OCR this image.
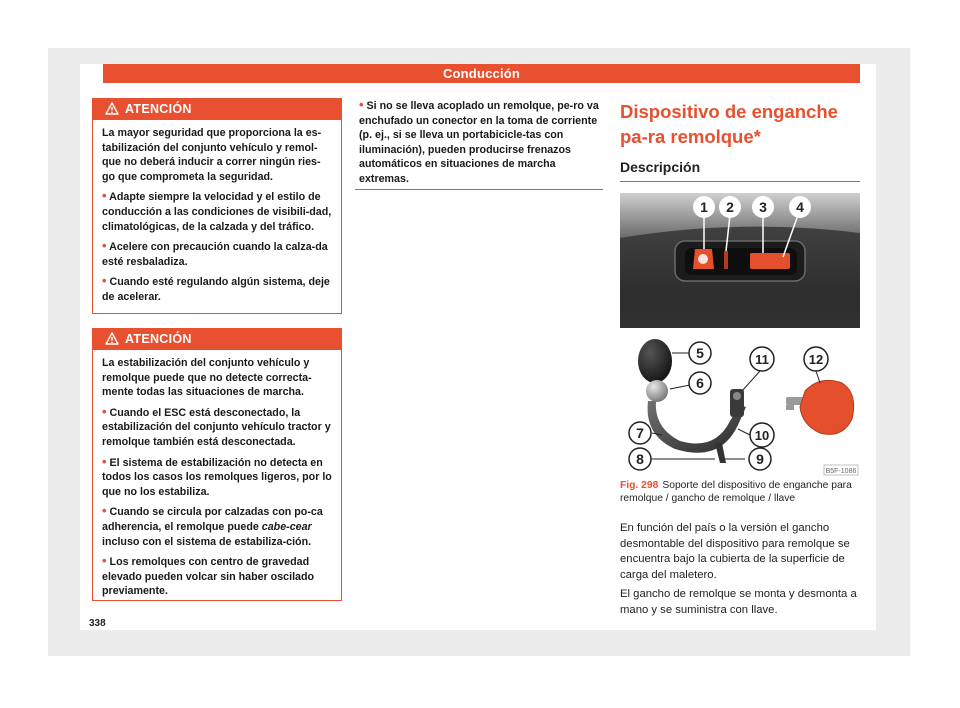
Conducción
ATENCIÓN

La mayor seguridad que proporciona la es-tabilización del conjunto vehículo y remol-que no deberá inducir a correr ningún ries-go que comprometa la seguridad.

• Adapte siempre la velocidad y el estilo de conducción a las condiciones de visibili-dad, climatológicas, de la calzada y del tráfico.

• Acelere con precaución cuando la calza-da esté resbaladiza.

• Cuando esté regulando algún sistema, deje de acelerar.

ATENCIÓN

La estabilización del conjunto vehículo y remolque puede que no detecte correcta-mente todas las situaciones de marcha.

• Cuando el ESC está desconectado, la estabilización del conjunto vehículo tractor y remolque también está desconectada.

• El sistema de estabilización no detecta en todos los casos los remolques ligeros, por lo que no los estabiliza.

• Cuando se circula por calzadas con po-ca adherencia, el remolque puede cabe-cear incluso con el sistema de estabiliza-ción.

• Los remolques con centro de gravedad elevado pueden volcar sin haber oscilado previamente.

• Si no se lleva acoplado un remolque, pe-ro va enchufado un conector en la toma de corriente (p. ej., si se lleva un portabicicle-tas con iluminación), pueden producirse frenazos automáticos en situaciones de marcha extremas.

Dispositivo de enganche pa-ra remolque*
Descripción
1 2 3 4
5
6
7
8	9
10
11	12
B5F-1086
Fig. 298 Soporte del dispositivo de enganche para remolque / gancho de remolque / llave

En función del país o la versión el gancho desmontable del dispositivo para remolque se encuentra bajo la cubierta de la superficie de carga del maletero.

El gancho de remolque se monta y desmonta a mano y se suministra con llave.

338
